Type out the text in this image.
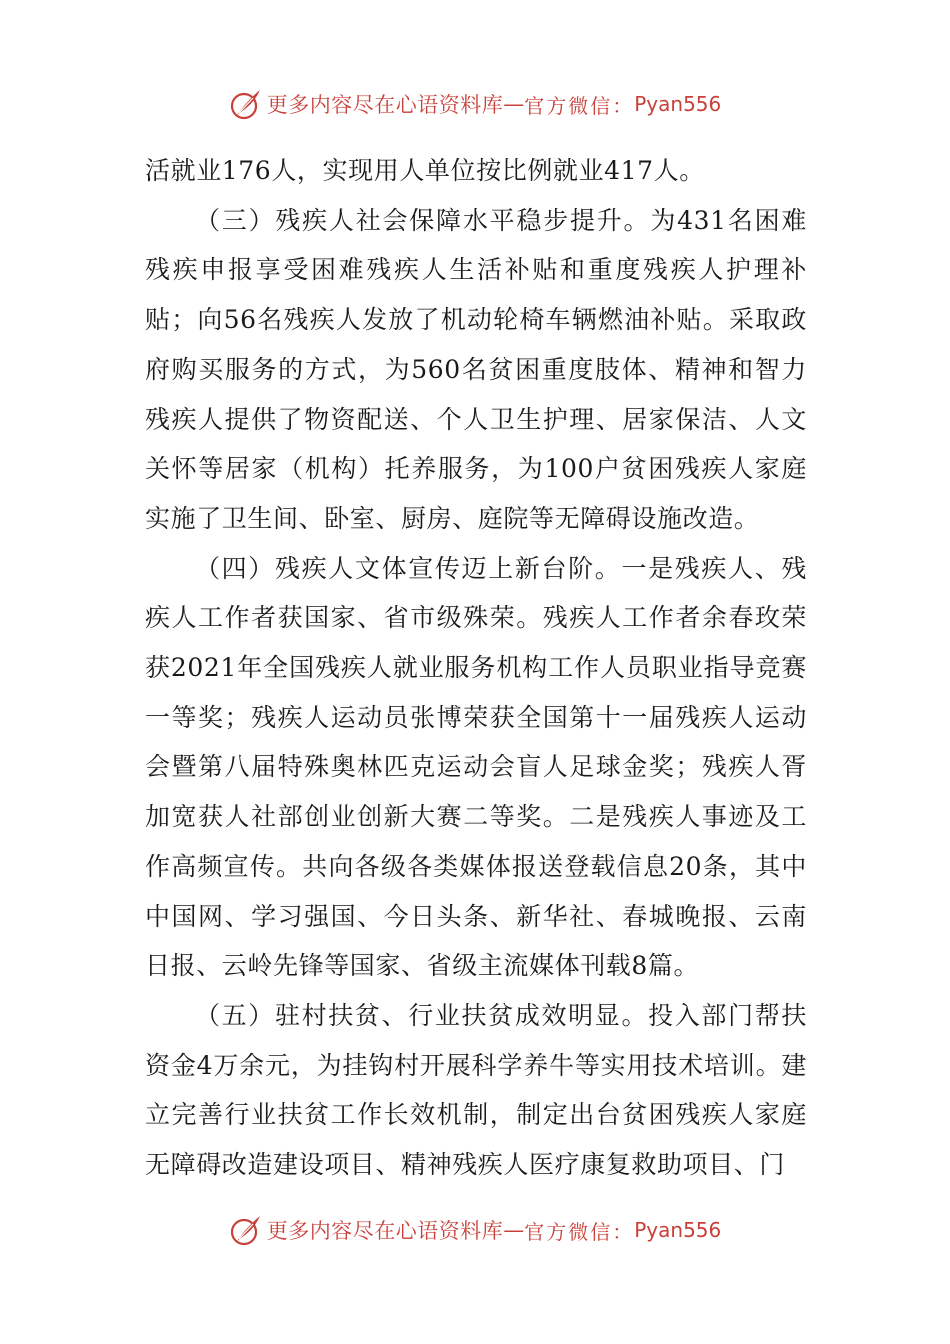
更多内容尽在心语资料库 — 官方微信： Pyan556

活就业176人，实现用人单位按比例就业417人。

（三）残疾人社会保障水平稳步提升。为431名困难残疾申报享受困难残疾人生活补贴和重度残疾人护理补贴；向56名残疾人发放了机动轮椅车辆燃油补贴。采取政府购买服务的方式，为560名贫困重度肢体、精神和智力残疾人提供了物资配送、个人卫生护理、居家保洁、人文关怀等居家（机构）托养服务，为100户贫困残疾人家庭实施了卫生间、卧室、厨房、庭院等无障碍设施改造。

（四）残疾人文体宣传迈上新台阶。一是残疾人、残疾人工作者获国家、省市级殊荣。残疾人工作者余春玫荣获2021年全国残疾人就业服务机构工作人员职业指导竞赛一等奖；残疾人运动员张博荣获全国第十一届残疾人运动会暨第八届特殊奥林匹克运动会盲人足球金奖；残疾人胥加宽获人社部创业创新大赛二等奖。二是残疾人事迹及工作高频宣传。共向各级各类媒体报送登载信息20条，其中中国网、学习强国、今日头条、新华社、春城晚报、云南日报、云岭先锋等国家、省级主流媒体刊载8篇。

（五）驻村扶贫、行业扶贫成效明显。投入部门帮扶资金4万余元，为挂钩村开展科学养牛等实用技术培训。建立完善行业扶贫工作长效机制，制定出台贫困残疾人家庭无障碍改造建设项目、精神残疾人医疗康复救助项目、门

更多内容尽在心语资料库 — 官方微信： Pyan556
